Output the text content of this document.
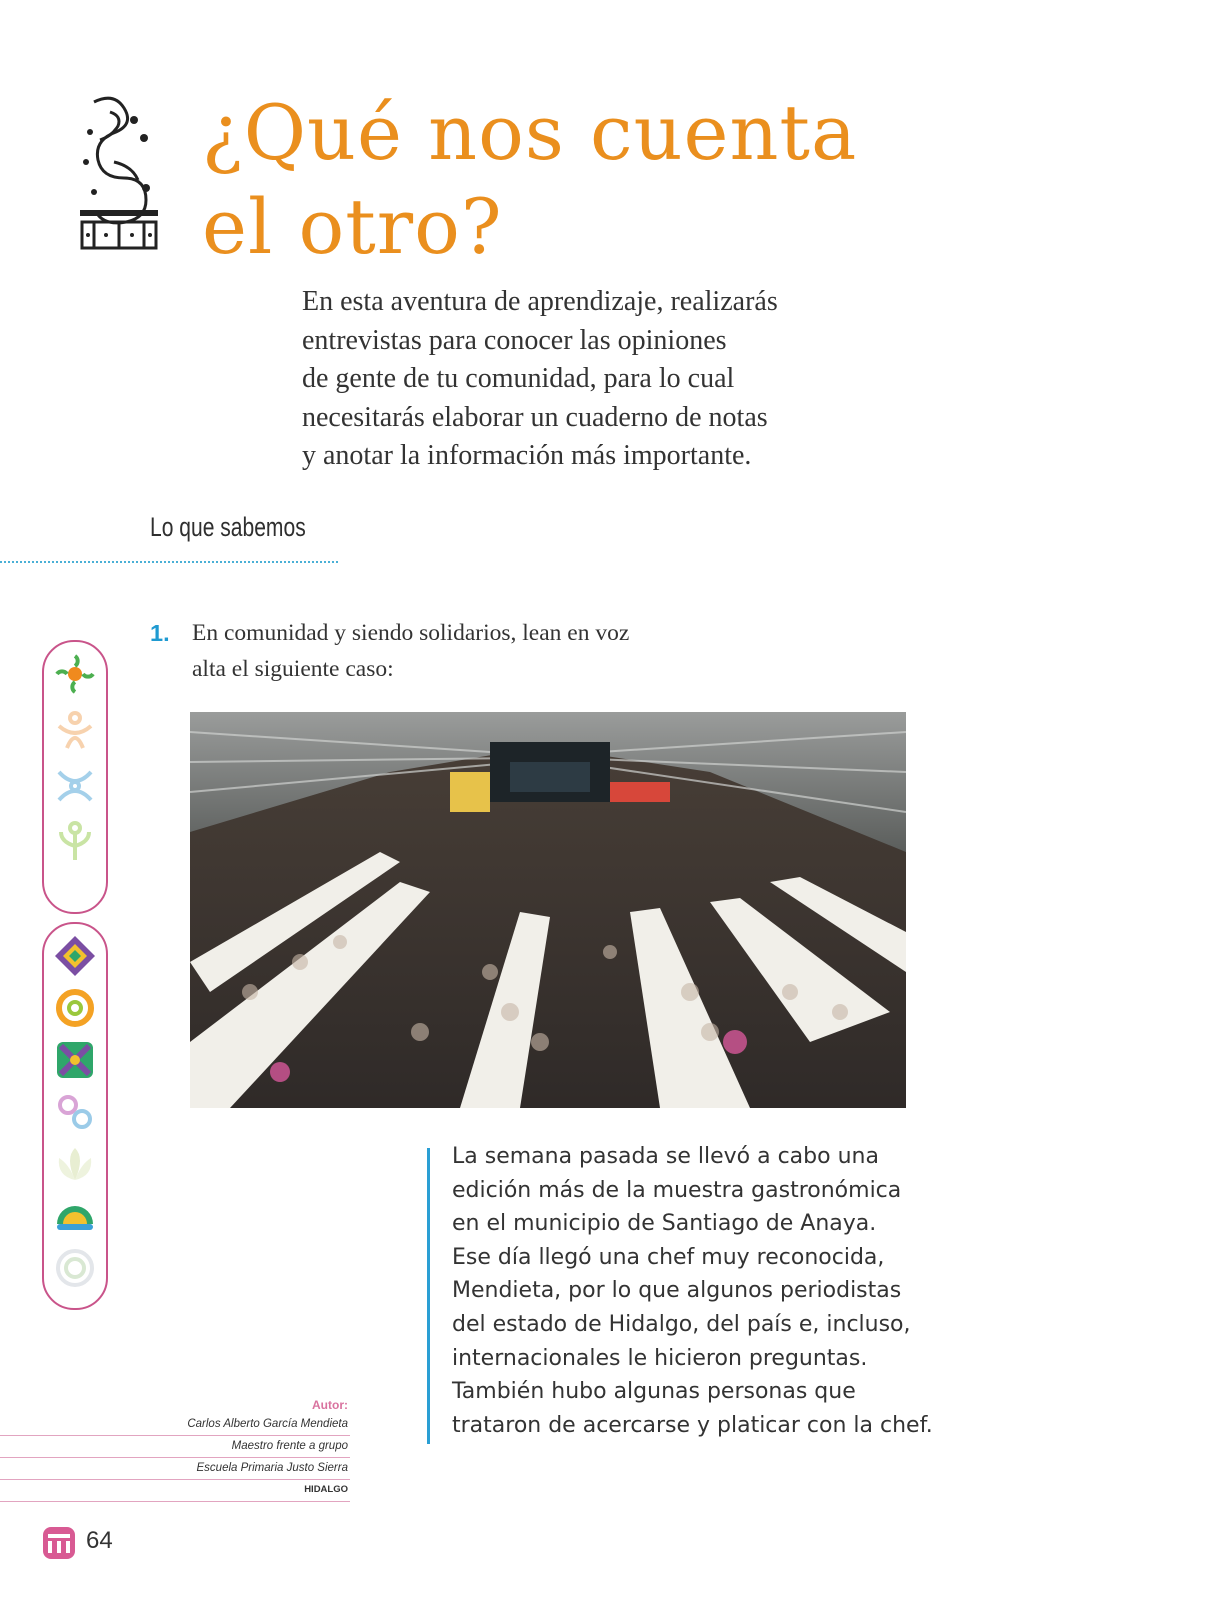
¿Qué nos cuenta
el otro?
En esta aventura de aprendizaje, realizarás
entrevistas para conocer las opiniones
de gente de tu comunidad, para lo cual
necesitarás elaborar un cuaderno de notas
y anotar la información más importante.
Lo que sabemos
1. En comunidad y siendo solidarios, lean en voz
alta el siguiente caso:
La semana pasada se llevó a cabo una
edición más de la muestra gastronómica
en el municipio de Santiago de Anaya.
Ese día llegó una chef muy reconocida,
Mendieta, por lo que algunos periodistas
del estado de Hidalgo, del país e, incluso,
internacionales le hicieron preguntas.
También hubo algunas personas que
trataron de acercarse y platicar con la chef.
Autor:
Carlos Alberto García Mendieta
Maestro frente a grupo
Escuela Primaria Justo Sierra
HIDALGO
64
